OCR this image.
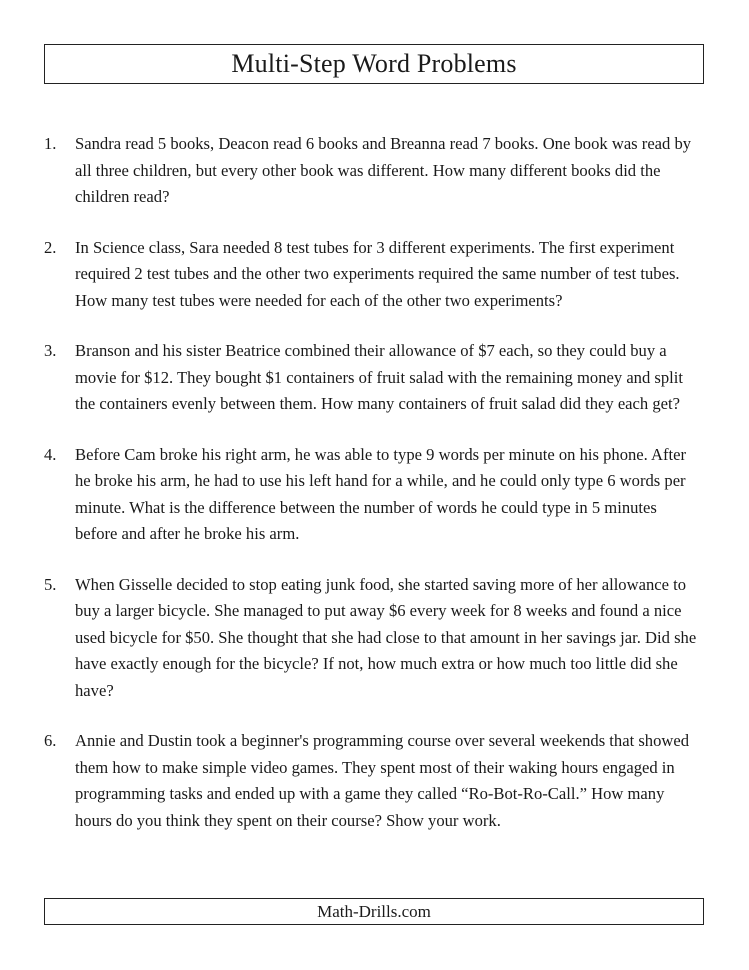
Multi-Step Word Problems
1. Sandra read 5 books, Deacon read 6 books and Breanna read 7 books. One book was read by all three children, but every other book was different. How many different books did the children read?
2. In Science class, Sara needed 8 test tubes for 3 different experiments. The first experiment required 2 test tubes and the other two experiments required the same number of test tubes. How many test tubes were needed for each of the other two experiments?
3. Branson and his sister Beatrice combined their allowance of $7 each, so they could buy a movie for $12. They bought $1 containers of fruit salad with the remaining money and split the containers evenly between them. How many containers of fruit salad did they each get?
4. Before Cam broke his right arm, he was able to type 9 words per minute on his phone. After he broke his arm, he had to use his left hand for a while, and he could only type 6 words per minute. What is the difference between the number of words he could type in 5 minutes before and after he broke his arm.
5. When Gisselle decided to stop eating junk food, she started saving more of her allowance to buy a larger bicycle. She managed to put away $6 every week for 8 weeks and found a nice used bicycle for $50. She thought that she had close to that amount in her savings jar. Did she have exactly enough for the bicycle? If not, how much extra or how much too little did she have?
6. Annie and Dustin took a beginner's programming course over several weekends that showed them how to make simple video games. They spent most of their waking hours engaged in programming tasks and ended up with a game they called “Ro-Bot-Ro-Call.” How many hours do you think they spent on their course? Show your work.
Math-Drills.com
